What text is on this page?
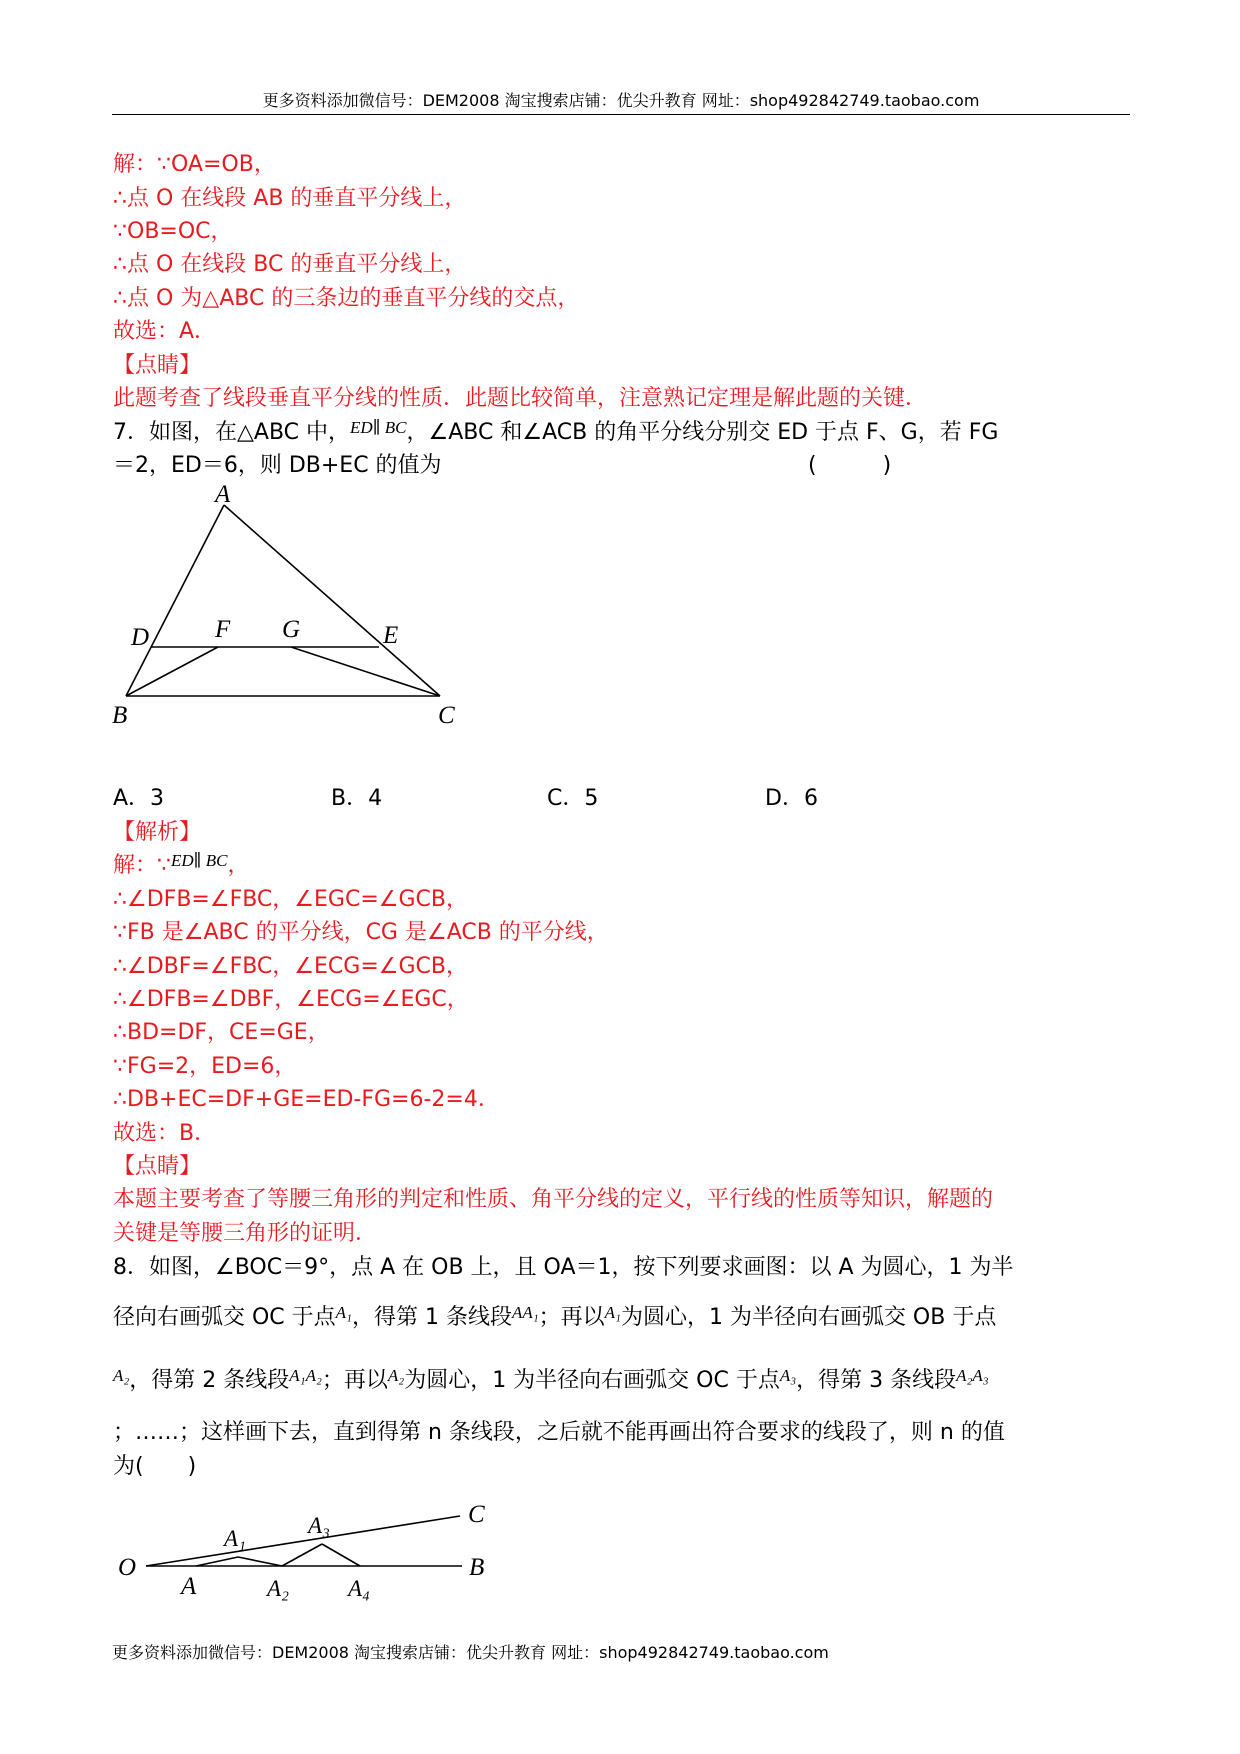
更多资料添加微信号：DEM2008 淘宝搜索店铺：优尖升教育 网址：shop492842749.taobao.com
解：∵OA=OB，
∴点 O 在线段 AB 的垂直平分线上，
∵OB=OC，
∴点 O 在线段 BC 的垂直平分线上，
∴点 O 为△ABC 的三条边的垂直平分线的交点，
故选：A．
【点睛】
此题考查了线段垂直平分线的性质．此题比较简单，注意熟记定理是解此题的关键．
7．如图，在△ABC 中，$^{ED\parallel BC}$，∠ABC 和∠ACB 的角平分线分别交 ED 于点 F、G，若 FG
＝2，ED＝6，则 DB+EC 的值为	(　　　)
A
D	F G	E
B	C
A．3	B．4	C．5	D．6
【解析】
解：∵$^{ED\parallel BC}$，
∴∠DFB=∠FBC，∠EGC=∠GCB，
∵FB 是∠ABC 的平分线，CG 是∠ACB 的平分线，
∴∠DBF=∠FBC，∠ECG=∠GCB，
∴∠DFB=∠DBF，∠ECG=∠EGC，
∴BD=DF，CE=GE，
∵FG=2，ED=6，
∴DB+EC=DF+GE=ED-FG=6-2=4．
故选：B．
【点睛】
本题主要考查了等腰三角形的判定和性质、角平分线的定义，平行线的性质等知识，解题的
关键是等腰三角形的证明．
8．如图，∠BOC＝9°，点 A 在 OB 上，且 OA＝1，按下列要求画图：以 A 为圆心，1 为半
径向右画弧交 OC 于点$^{A_1}$，得第 1 条线段$^{AA_1}$；再以$^{A_1}$为圆心，1 为半径向右画弧交 OB 于点
$^{A_2}$，得第 2 条线段$^{A_1A_2}$；再以$^{A_2}$为圆心，1 为半径向右画弧交 OC 于点$^{A_3}$，得第 3 条线段$^{A_2A_3}$
；……；这样画下去，直到得第 n 条线段，之后就不能再画出符合要求的线段了，则 n 的值
为(　　)
O
A
A₁
A₂
A₃
A₄
C
B
更多资料添加微信号：DEM2008 淘宝搜索店铺：优尖升教育 网址：shop492842749.taobao.com
